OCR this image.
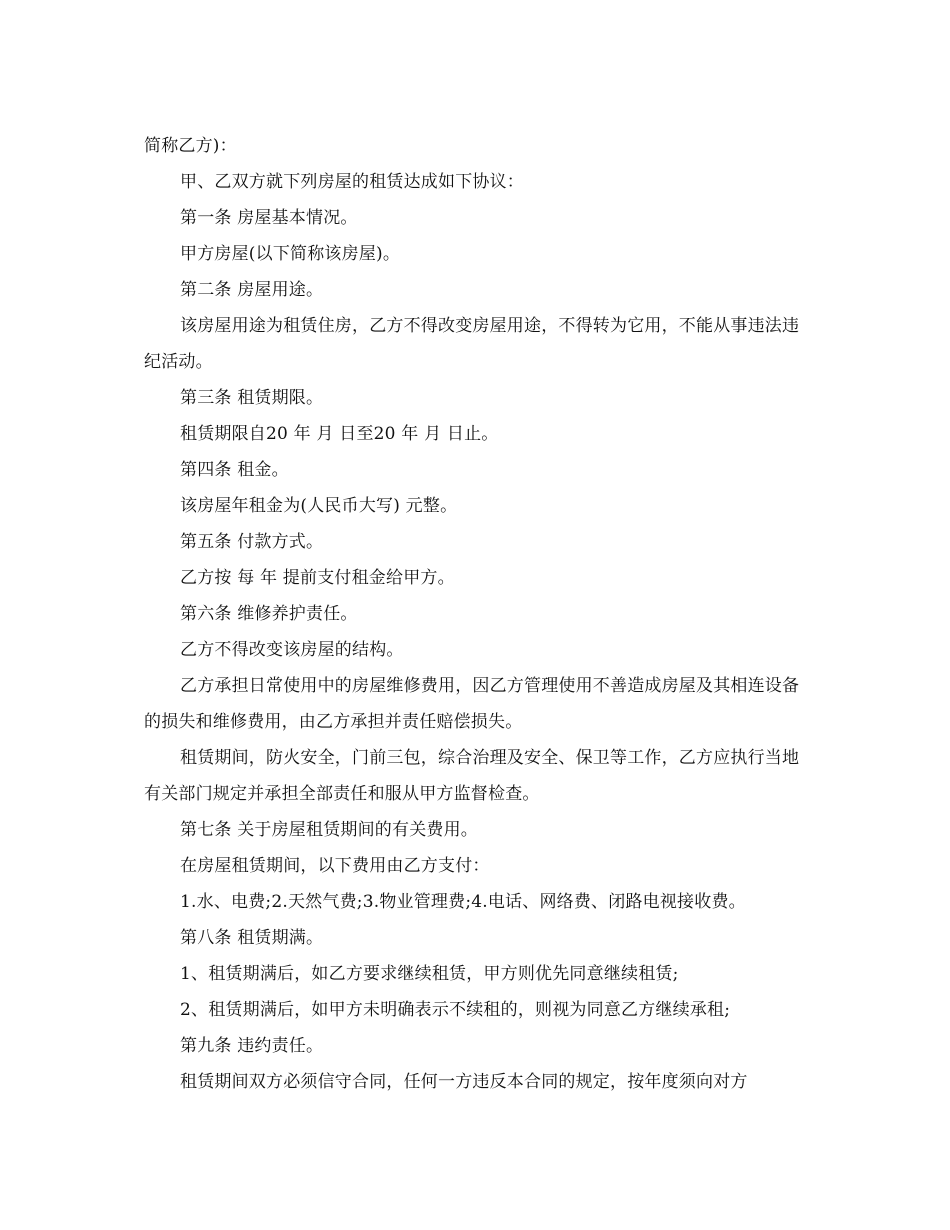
简称乙方)：

甲、乙双方就下列房屋的租赁达成如下协议：

第一条 房屋基本情况。

甲方房屋(以下简称该房屋)。

第二条 房屋用途。

该房屋用途为租赁住房，乙方不得改变房屋用途，不得转为它用，不能从事违法违纪活动。

第三条 租赁期限。

租赁期限自20 年 月 日至20 年 月 日止。

第四条 租金。

该房屋年租金为(人民币大写) 元整。

第五条 付款方式。

乙方按 每 年 提前支付租金给甲方。

第六条 维修养护责任。

乙方不得改变该房屋的结构。

乙方承担日常使用中的房屋维修费用，因乙方管理使用不善造成房屋及其相连设备的损失和维修费用，由乙方承担并责任赔偿损失。

租赁期间，防火安全，门前三包，综合治理及安全、保卫等工作，乙方应执行当地有关部门规定并承担全部责任和服从甲方监督检查。

第七条 关于房屋租赁期间的有关费用。

在房屋租赁期间，以下费用由乙方支付：

1.水、电费;2.天然气费;3.物业管理费;4.电话、网络费、闭路电视接收费。

第八条 租赁期满。

1、租赁期满后，如乙方要求继续租赁，甲方则优先同意继续租赁;

2、租赁期满后，如甲方未明确表示不续租的，则视为同意乙方继续承租;

第九条 违约责任。

租赁期间双方必须信守合同，任何一方违反本合同的规定，按年度须向对方
